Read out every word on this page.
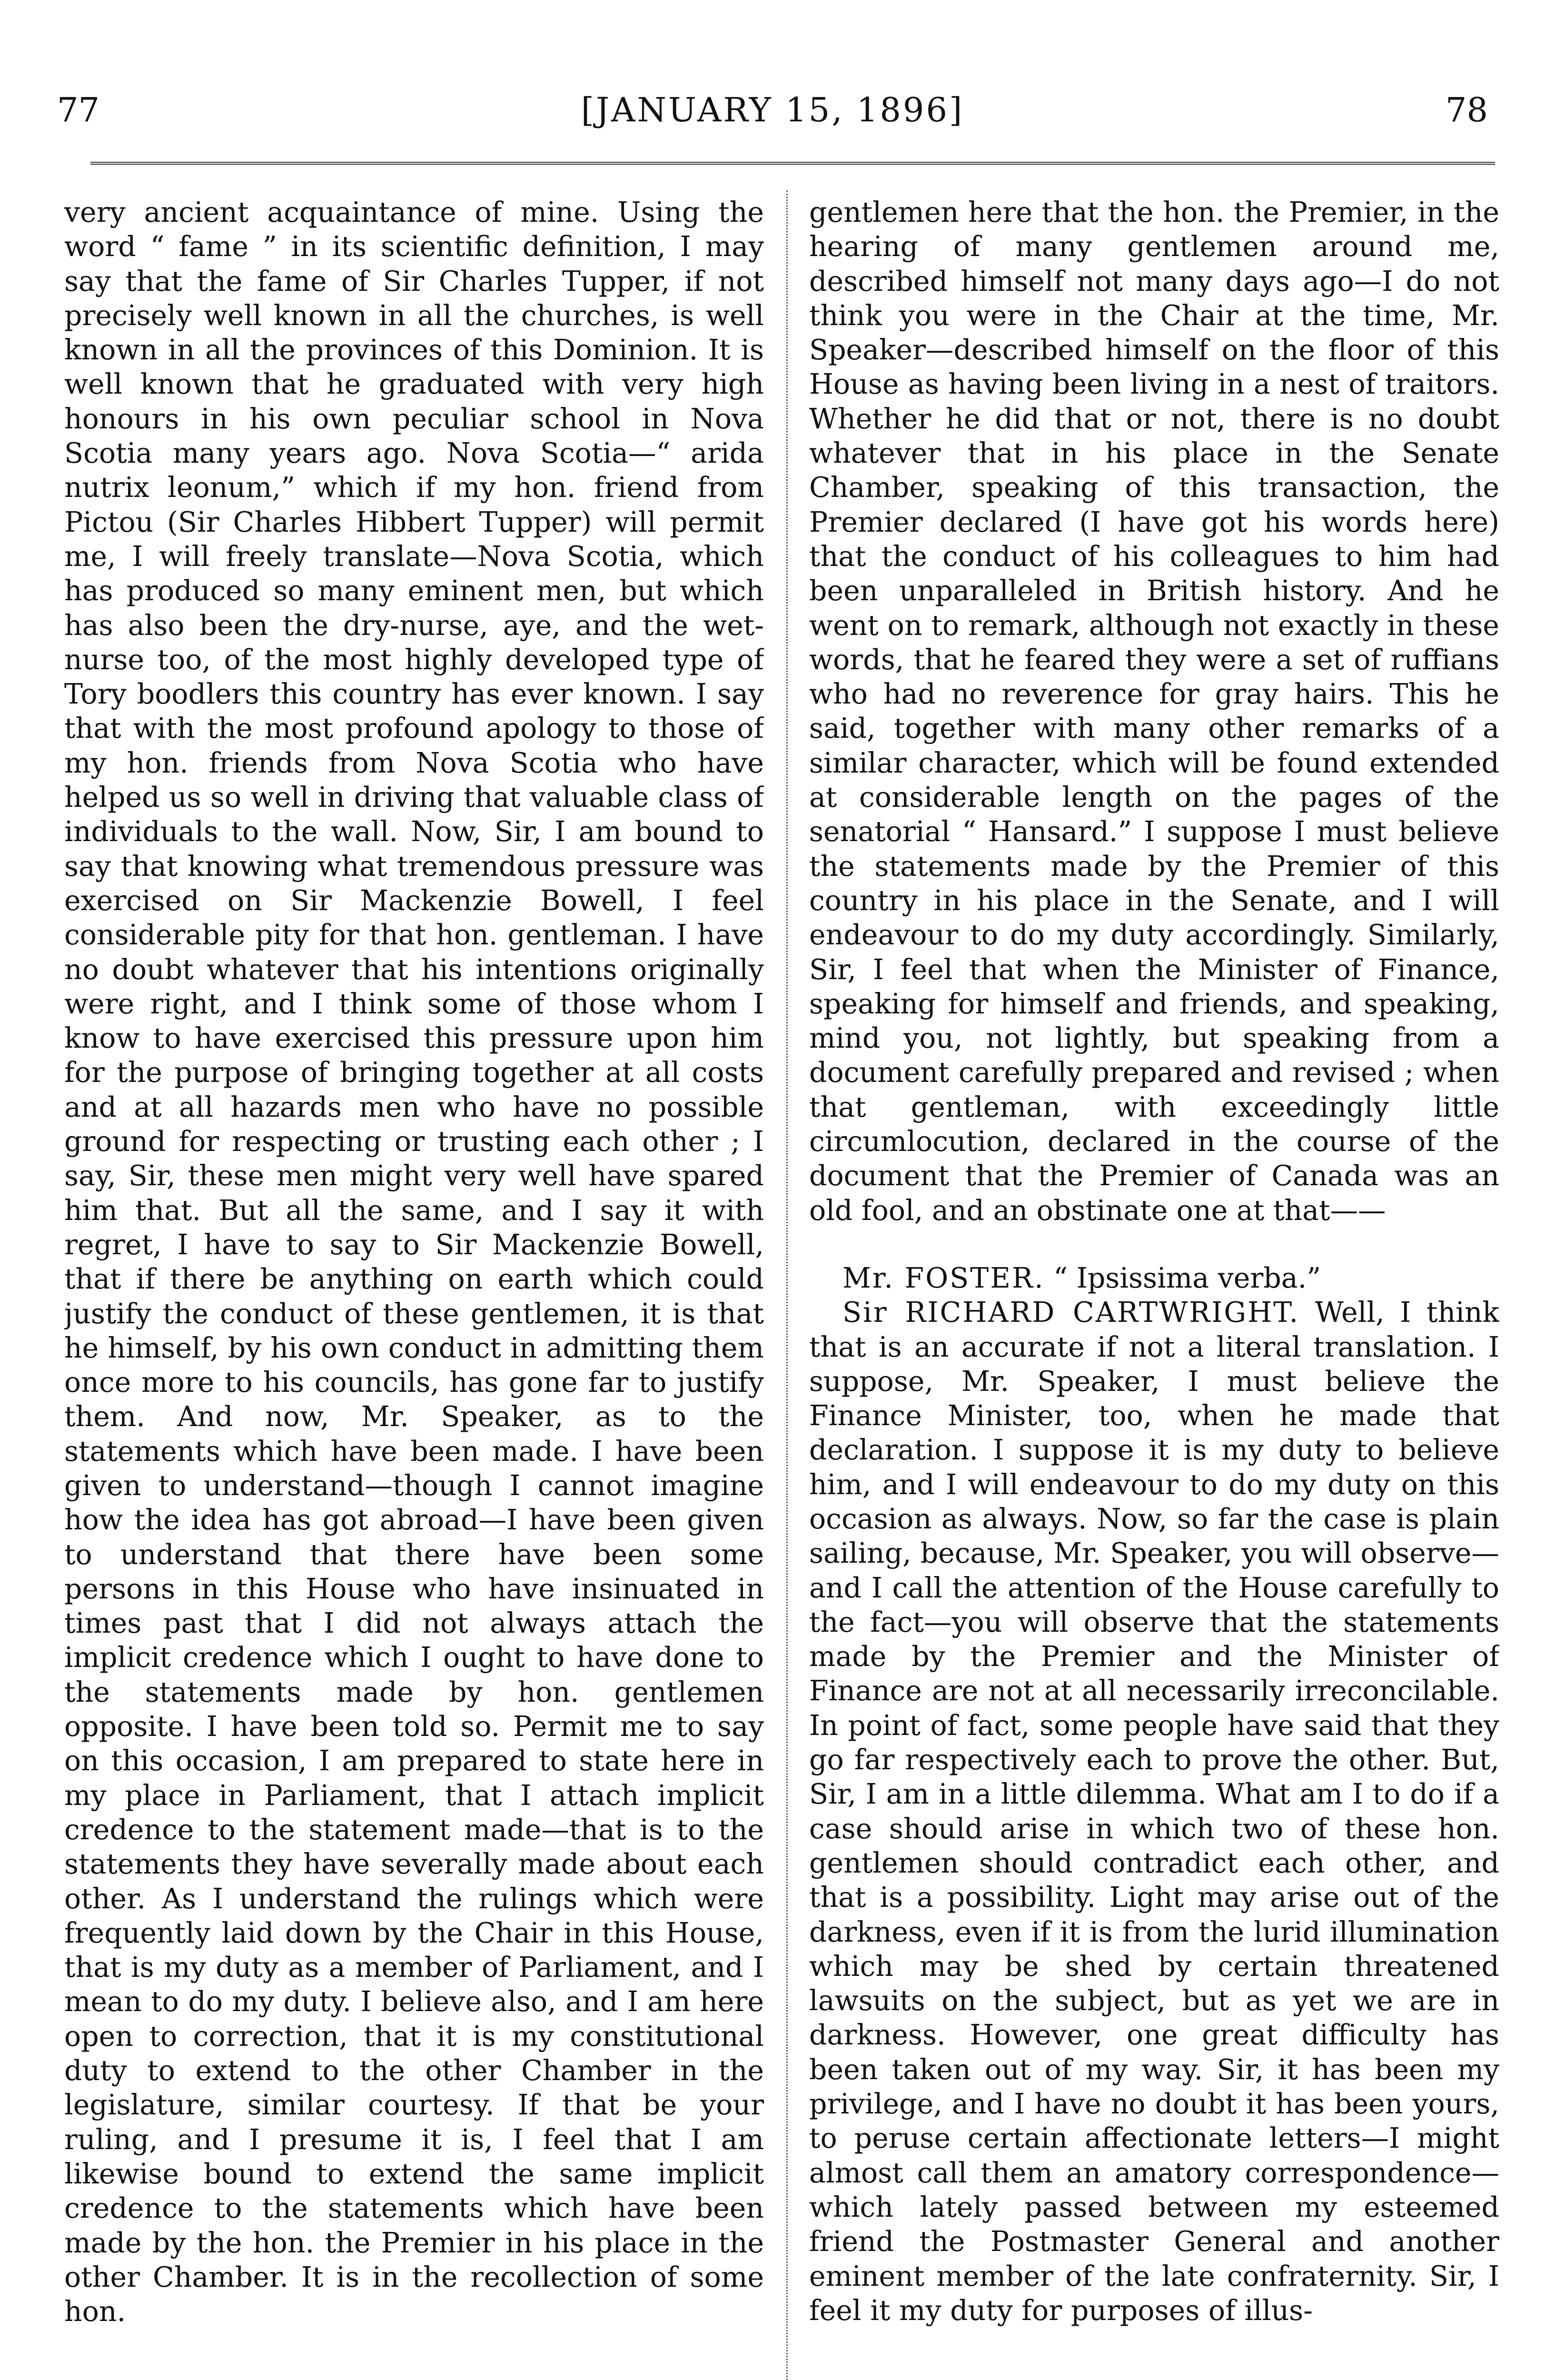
77	[JANUARY 15, 1896]	78

very ancient acquaintance of mine. Using the word “ fame ” in its scientific definition, I may say that the fame of Sir Charles Tupper, if not precisely well known in all the churches, is well known in all the provinces of this Dominion. It is well known that he graduated with very high honours in his own peculiar school in Nova Scotia many years ago. Nova Scotia—“ arida nutrix leonum,” which if my hon. friend from Pictou (Sir Charles Hibbert Tupper) will permit me, I will freely translate—Nova Scotia, which has produced so many eminent men, but which has also been the dry-nurse, aye, and the wet-nurse too, of the most highly developed type of Tory boodlers this country has ever known. I say that with the most profound apology to those of my hon. friends from Nova Scotia who have helped us so well in driving that valuable class of individuals to the wall. Now, Sir, I am bound to say that knowing what tremendous pressure was exercised on Sir Mackenzie Bowell, I feel considerable pity for that hon. gentleman. I have no doubt whatever that his intentions originally were right, and I think some of those whom I know to have exercised this pressure upon him for the purpose of bringing together at all costs and at all hazards men who have no possible ground for respecting or trusting each other ; I say, Sir, these men might very well have spared him that. But all the same, and I say it with regret, I have to say to Sir Mackenzie Bowell, that if there be anything on earth which could justify the conduct of these gentlemen, it is that he himself, by his own conduct in admitting them once more to his councils, has gone far to justify them. And now, Mr. Speaker, as to the statements which have been made. I have been given to understand—though I cannot imagine how the idea has got abroad—I have been given to understand that there have been some persons in this House who have insinuated in times past that I did not always attach the implicit credence which I ought to have done to the statements made by hon. gentlemen opposite. I have been told so. Permit me to say on this occasion, I am prepared to state here in my place in Parliament, that I attach implicit credence to the statement made—that is to the statements they have severally made about each other. As I understand the rulings which were frequently laid down by the Chair in this House, that is my duty as a member of Parliament, and I mean to do my duty. I believe also, and I am here open to correction, that it is my constitutional duty to extend to the other Chamber in the legislature, similar courtesy. If that be your ruling, and I presume it is, I feel that I am likewise bound to extend the same implicit credence to the statements which have been made by the hon. the Premier in his place in the other Chamber. It is in the recollection of some hon.

gentlemen here that the hon. the Premier, in the hearing of many gentlemen around me, described himself not many days ago—I do not think you were in the Chair at the time, Mr. Speaker—described himself on the floor of this House as having been living in a nest of traitors. Whether he did that or not, there is no doubt whatever that in his place in the Senate Chamber, speaking of this transaction, the Premier declared (I have got his words here) that the conduct of his colleagues to him had been unparalleled in British history. And he went on to remark, although not exactly in these words, that he feared they were a set of ruffians who had no reverence for gray hairs. This he said, together with many other remarks of a similar character, which will be found extended at considerable length on the pages of the senatorial “ Hansard.” I suppose I must believe the statements made by the Premier of this country in his place in the Senate, and I will endeavour to do my duty accordingly. Similarly, Sir, I feel that when the Minister of Finance, speaking for himself and friends, and speaking, mind you, not lightly, but speaking from a document carefully prepared and revised ; when that gentleman, with exceedingly little circumlocution, declared in the course of the document that the Premier of Canada was an old fool, and an obstinate one at that——

Mr. FOSTER. “ Ipsissima verba.”

Sir RICHARD CARTWRIGHT. Well, I think that is an accurate if not a literal translation. I suppose, Mr. Speaker, I must believe the Finance Minister, too, when he made that declaration. I suppose it is my duty to believe him, and I will endeavour to do my duty on this occasion as always. Now, so far the case is plain sailing, because, Mr. Speaker, you will observe—and I call the attention of the House carefully to the fact—you will observe that the statements made by the Premier and the Minister of Finance are not at all necessarily irreconcilable. In point of fact, some people have said that they go far respectively each to prove the other. But, Sir, I am in a little dilemma. What am I to do if a case should arise in which two of these hon. gentlemen should contradict each other, and that is a possibility. Light may arise out of the darkness, even if it is from the lurid illumination which may be shed by certain threatened lawsuits on the subject, but as yet we are in darkness. However, one great difficulty has been taken out of my way. Sir, it has been my privilege, and I have no doubt it has been yours, to peruse certain affectionate letters—I might almost call them an amatory correspondence—which lately passed between my esteemed friend the Postmaster General and another eminent member of the late confraternity. Sir, I feel it my duty for purposes of illus-
